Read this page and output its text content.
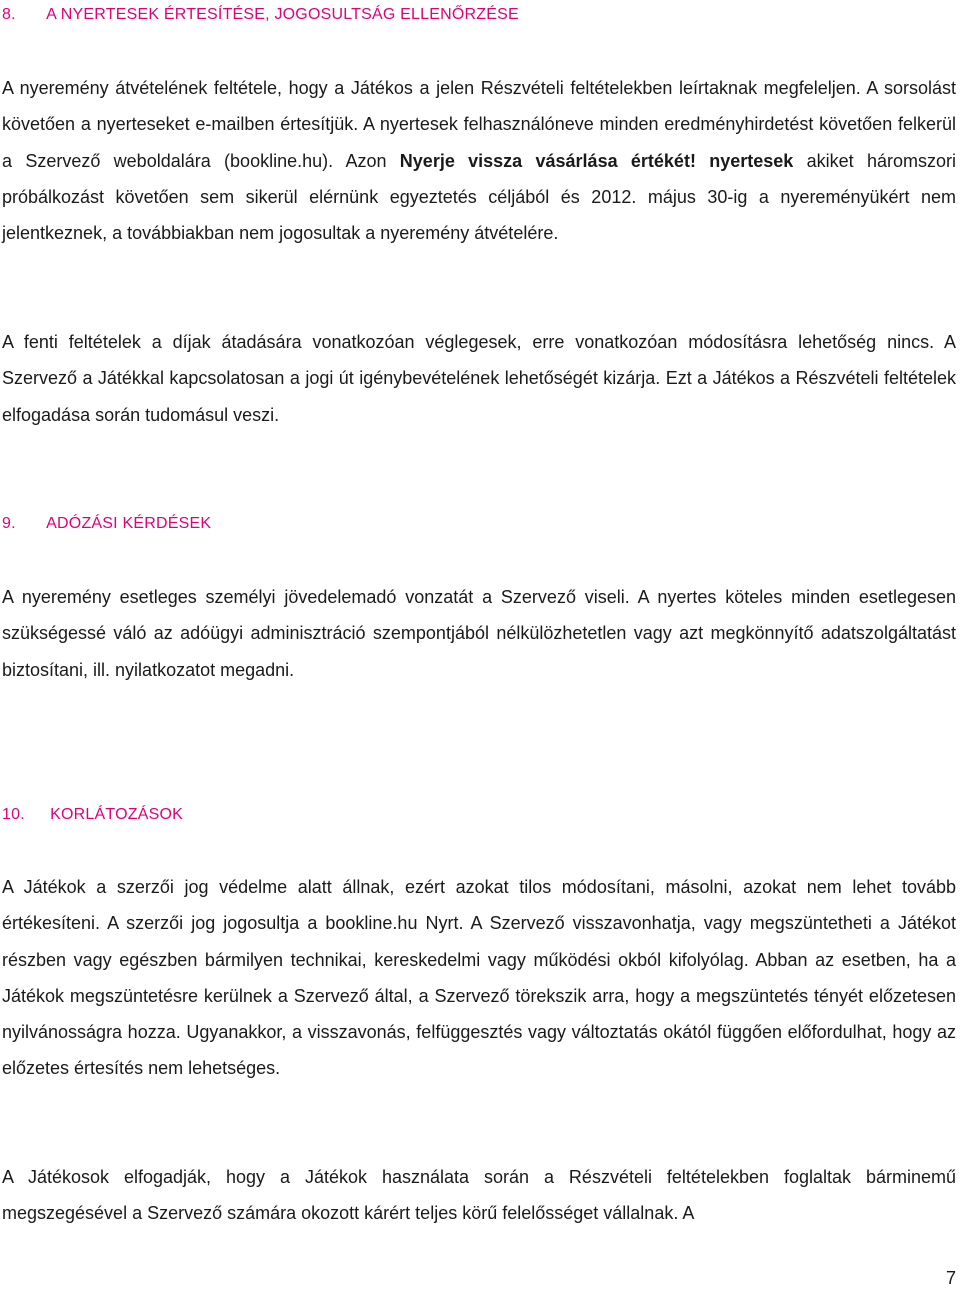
8. A NYERTESEK ÉRTESÍTÉSE, JOGOSULTSÁG ELLENŐRZÉSE

A nyeremény átvételének feltétele, hogy a Játékos a jelen Részvételi feltételekben leírtaknak megfeleljen. A sorsolást követően a nyerteseket e-mailben értesítjük. A nyertesek felhasználóneve minden eredményhirdetést követően felkerül a Szervező weboldalára (bookline.hu). Azon Nyerje vissza vásárlása értékét! nyertesek akiket háromszori próbálkozást követően sem sikerül elérnünk egyeztetés céljából és 2012. május 30-ig a nyereményükért nem jelentkeznek, a továbbiakban nem jogosultak a nyeremény átvételére.

A fenti feltételek a díjak átadására vonatkozóan véglegesek, erre vonatkozóan módosításra lehetőség nincs. A Szervező a Játékkal kapcsolatosan a jogi út igénybevételének lehetőségét kizárja. Ezt a Játékos a Részvételi feltételek elfogadása során tudomásul veszi.

9. ADÓZÁSI KÉRDÉSEK

A nyeremény esetleges személyi jövedelemadó vonzatát a Szervező viseli. A nyertes köteles minden esetlegesen szükségessé váló az adóügyi adminisztráció szempontjából nélkülözhetetlen vagy azt megkönnyítő adatszolgáltatást biztosítani, ill. nyilatkozatot megadni.

10. KORLÁTOZÁSOK

A Játékok a szerzői jog védelme alatt állnak, ezért azokat tilos módosítani, másolni, azokat nem lehet tovább értékesíteni. A szerzői jog jogosultja a bookline.hu Nyrt. A Szervező visszavonhatja, vagy megszüntetheti a Játékot részben vagy egészben bármilyen technikai, kereskedelmi vagy működési okból kifolyólag. Abban az esetben, ha a Játékok megszüntetésre kerülnek a Szervező által, a Szervező törekszik arra, hogy a megszüntetés tényét előzetesen nyilvánosságra hozza. Ugyanakkor, a visszavonás, felfüggesztés vagy változtatás okától függően előfordulhat, hogy az előzetes értesítés nem lehetséges.

A Játékosok elfogadják, hogy a Játékok használata során a Részvételi feltételekben foglaltak bárminemű megszegésével a Szervező számára okozott kárért teljes körű felelősséget vállalnak. A

7
